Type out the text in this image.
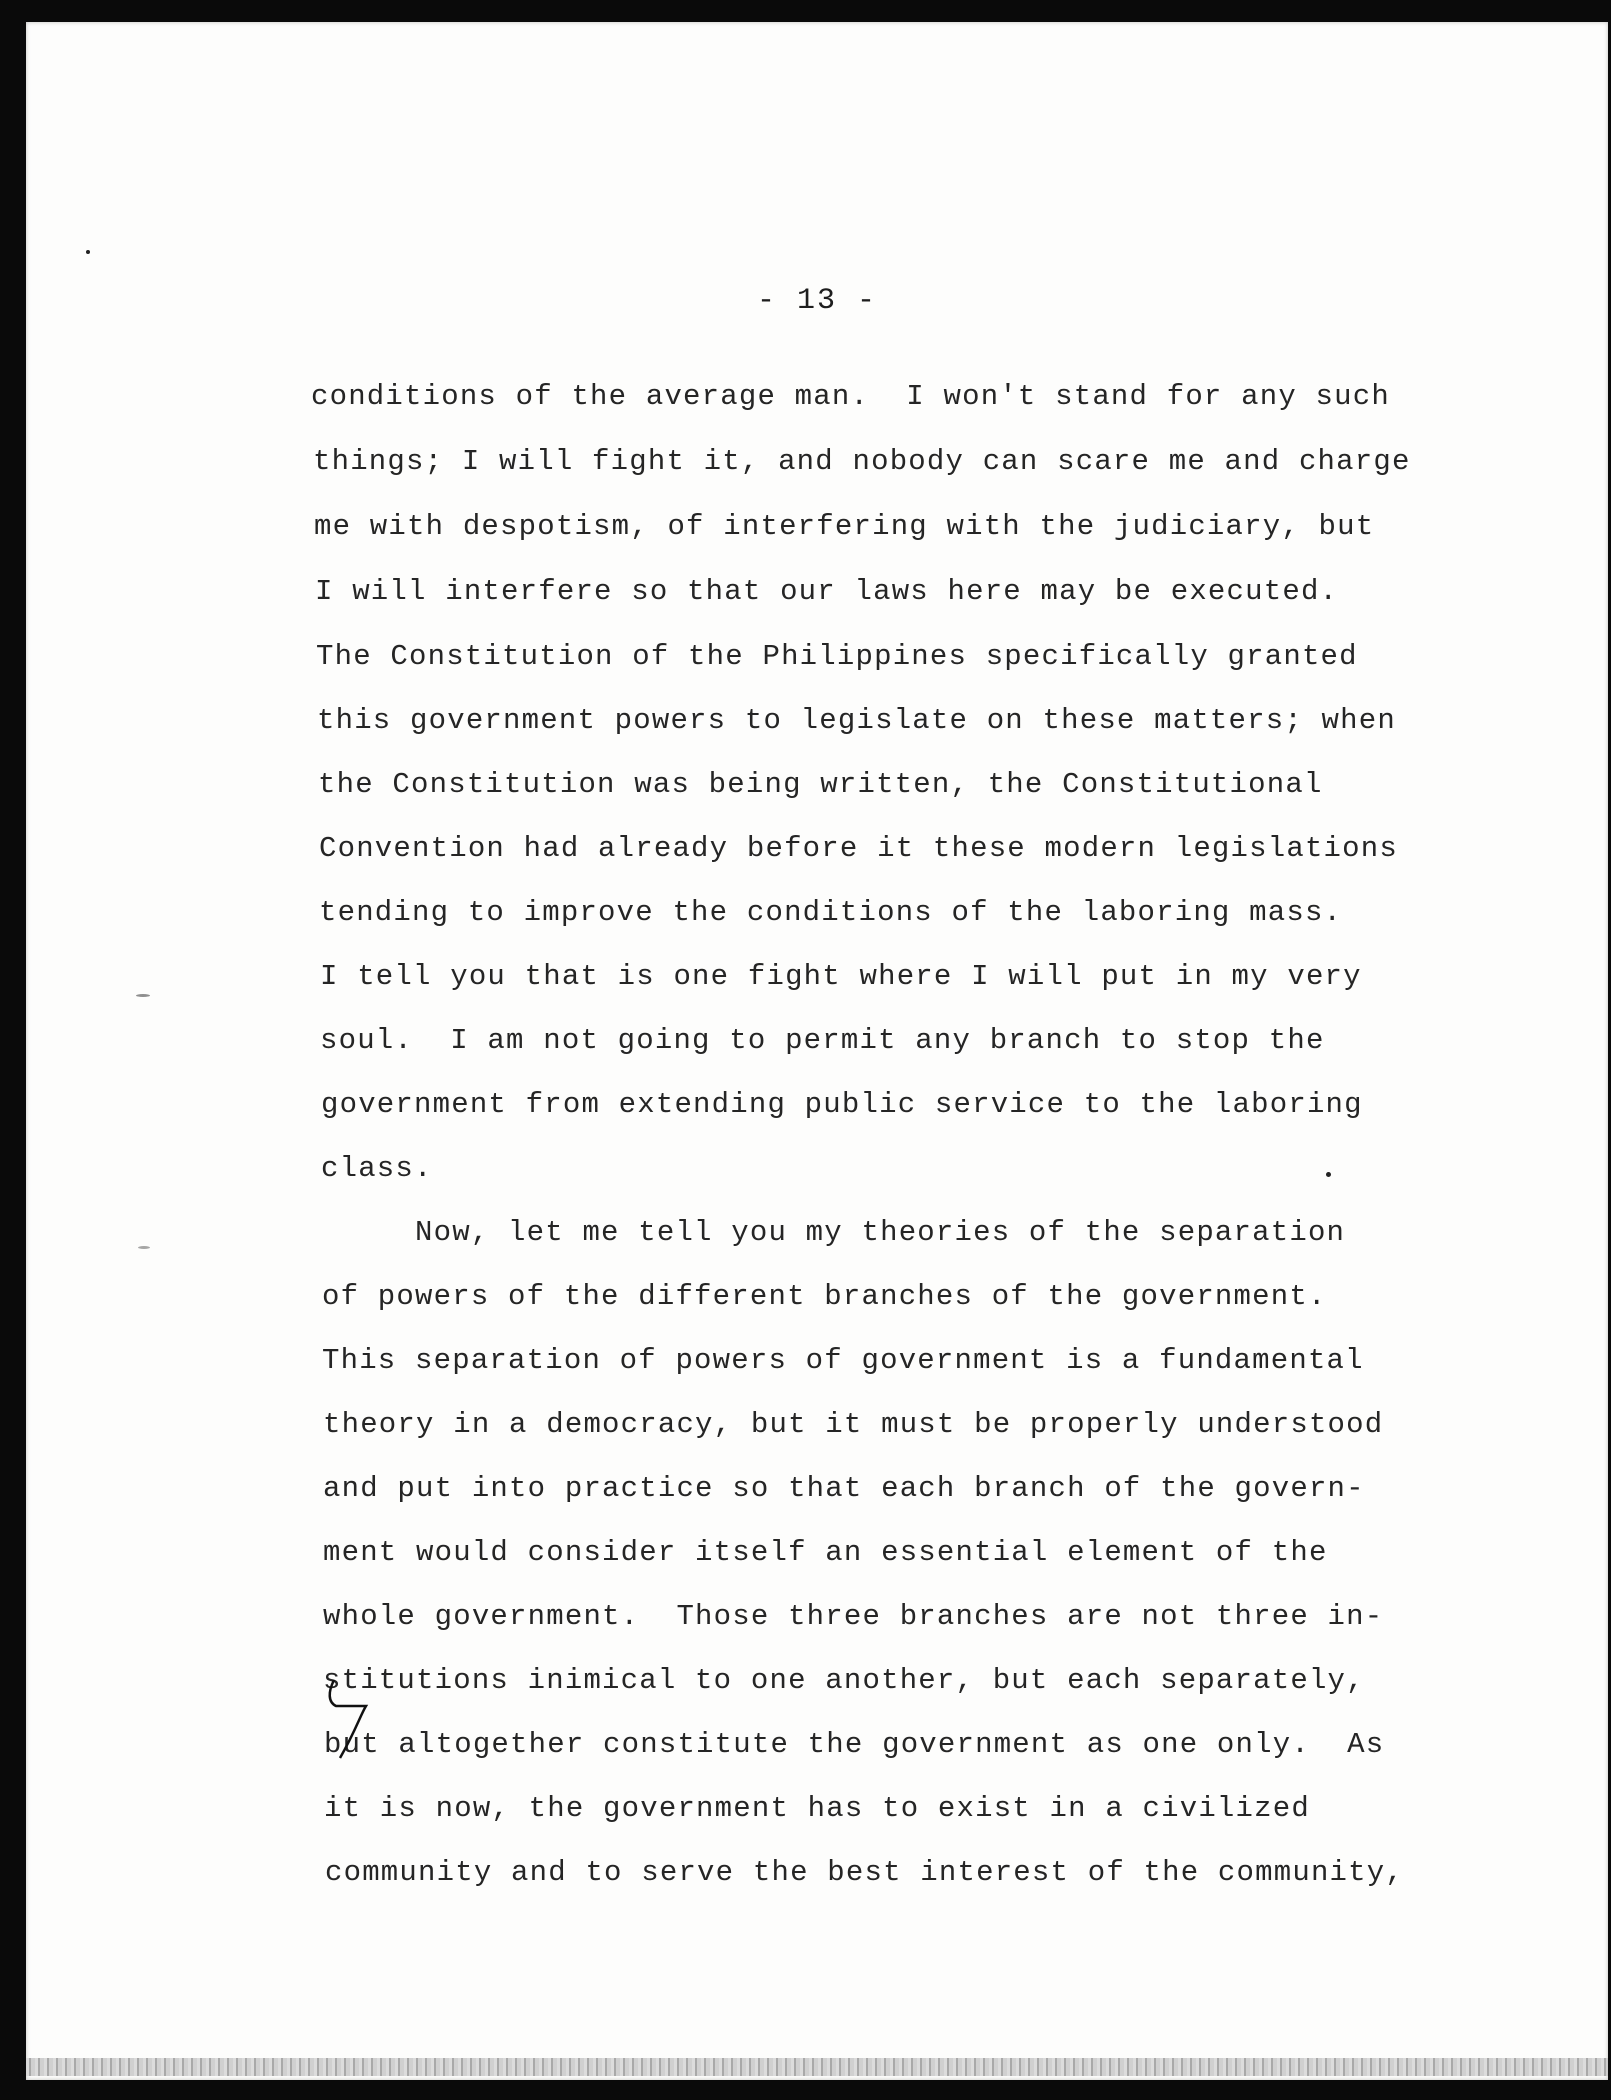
- 13 -
conditions of the average man.  I won't stand for any such
things; I will fight it, and nobody can scare me and charge
me with despotism, of interfering with the judiciary, but
I will interfere so that our laws here may be executed.
The Constitution of the Philippines specifically granted
this government powers to legislate on these matters; when
the Constitution was being written, the Constitutional
Convention had already before it these modern legislations
tending to improve the conditions of the laboring mass.
I tell you that is one fight where I will put in my very
soul.  I am not going to permit any branch to stop the
government from extending public service to the laboring
class.
Now, let me tell you my theories of the separation
of powers of the different branches of the government.
This separation of powers of government is a fundamental
theory in a democracy, but it must be properly understood
and put into practice so that each branch of the govern-
ment would consider itself an essential element of the
whole government.  Those three branches are not three in-
stitutions inimical to one another, but each separately,
but altogether constitute the government as one only.  As
it is now, the government has to exist in a civilized
community and to serve the best interest of the community,
